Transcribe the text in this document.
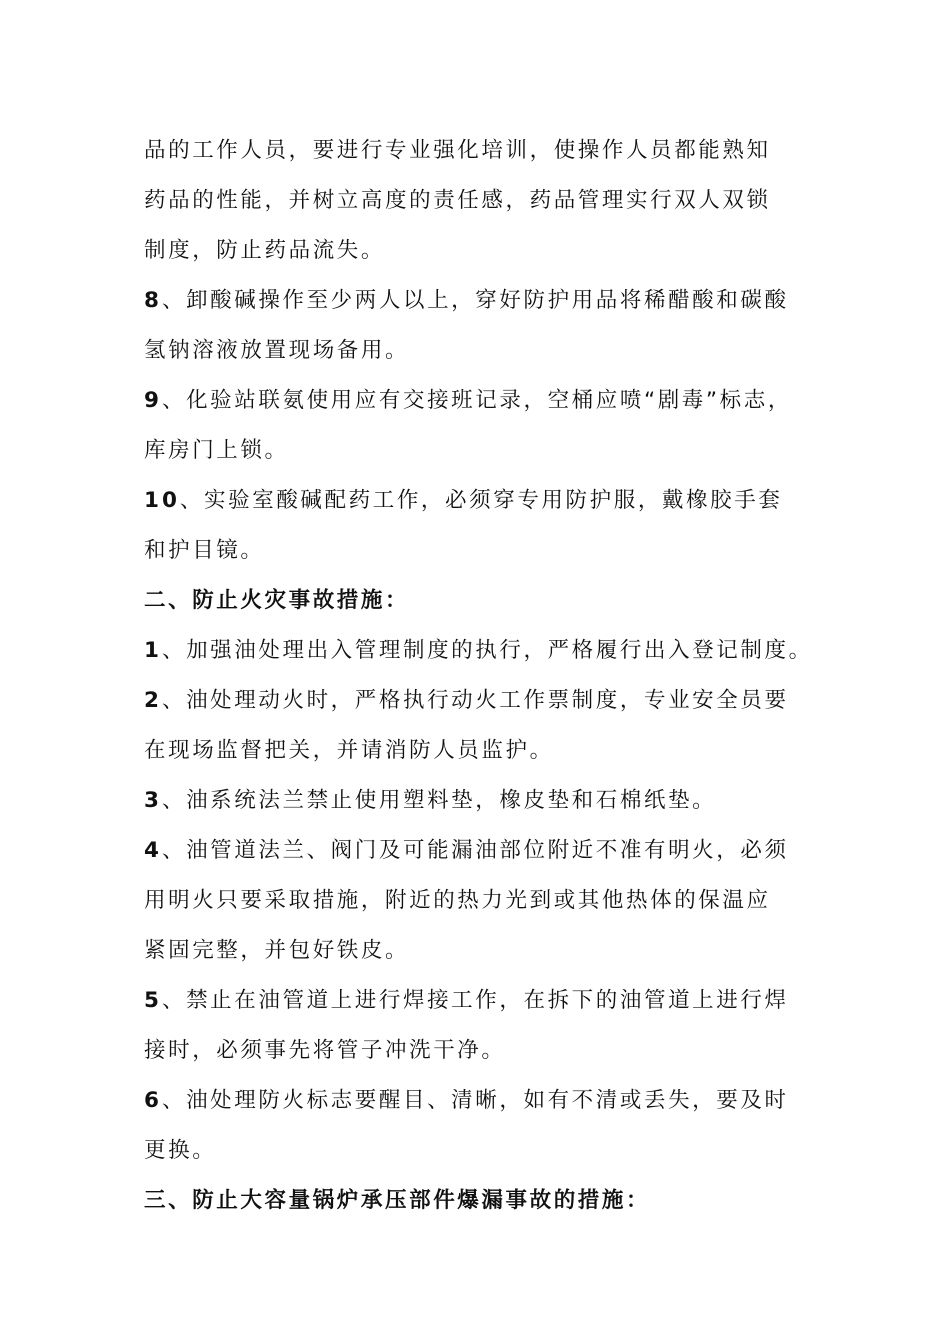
品的工作人员，要进行专业强化培训，使操作人员都能熟知
药品的性能，并树立高度的责任感，药品管理实行双人双锁
制度，防止药品流失。
8、卸酸碱操作至少两人以上，穿好防护用品将稀醋酸和碳酸
氢钠溶液放置现场备用。
9、化验站联氨使用应有交接班记录，空桶应喷“剧毒”标志，
库房门上锁。
10、实验室酸碱配药工作，必须穿专用防护服，戴橡胶手套
和护目镜。
二、防止火灾事故措施：
1、加强油处理出入管理制度的执行，严格履行出入登记制度。
2、油处理动火时，严格执行动火工作票制度，专业安全员要
在现场监督把关，并请消防人员监护。
3、油系统法兰禁止使用塑料垫，橡皮垫和石棉纸垫。
4、油管道法兰、阀门及可能漏油部位附近不准有明火，必须
用明火只要采取措施，附近的热力光到或其他热体的保温应
紧固完整，并包好铁皮。
5、禁止在油管道上进行焊接工作，在拆下的油管道上进行焊
接时，必须事先将管子冲洗干净。
6、油处理防火标志要醒目、清晰，如有不清或丢失，要及时
更换。
三、防止大容量锅炉承压部件爆漏事故的措施：
